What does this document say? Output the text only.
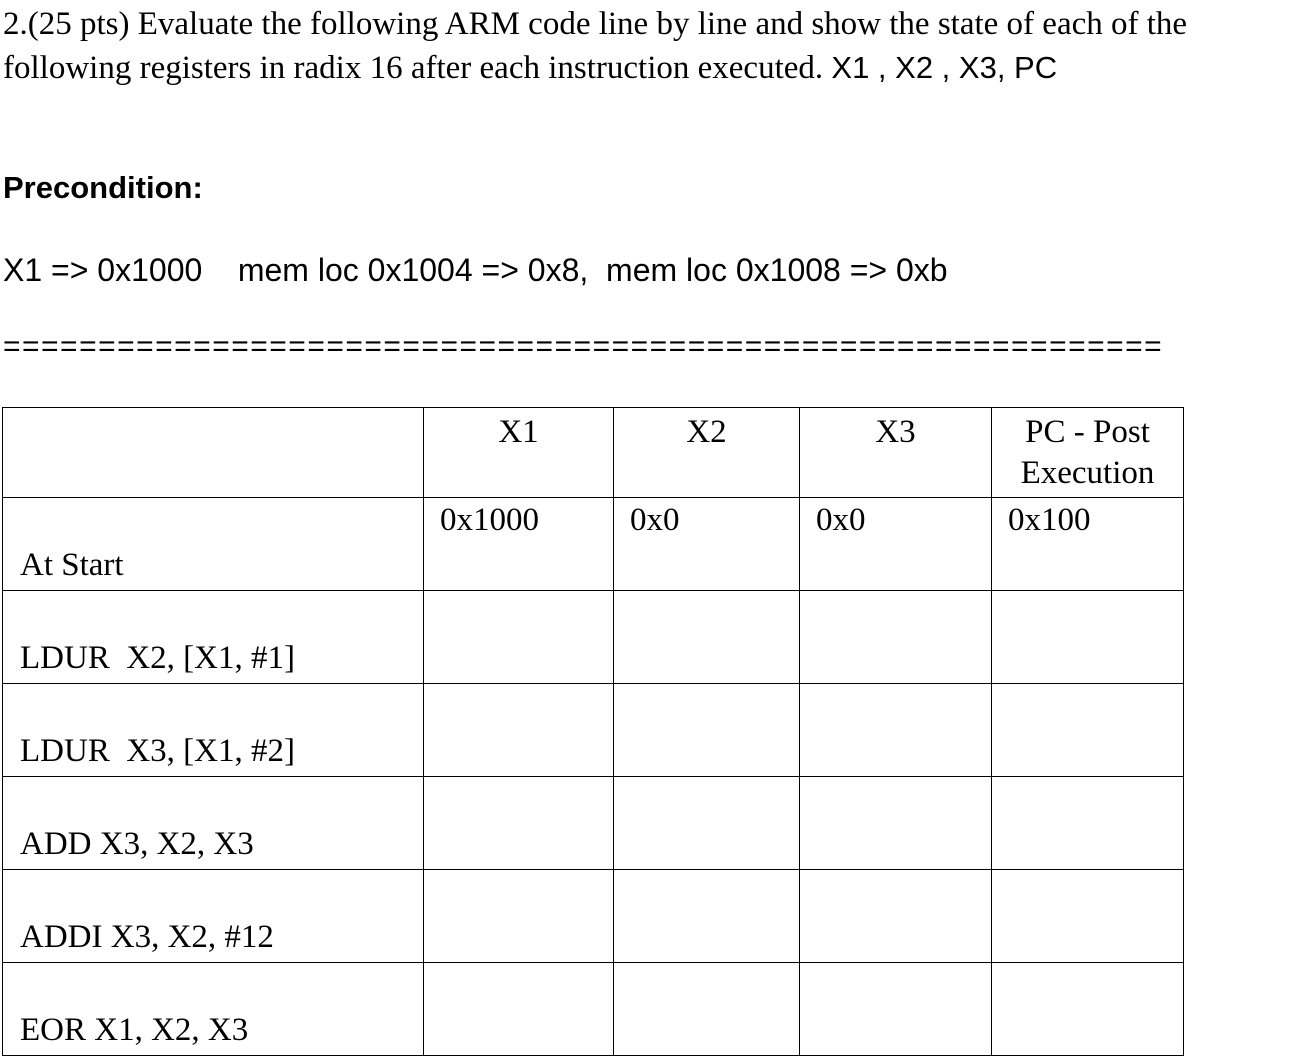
2.(25 pts) Evaluate the following ARM code line by line and show the state of each of the following registers in radix 16 after each instruction executed. X1 , X2 , X3, PC
Precondition:
X1 => 0x1000    mem loc 0x1004 => 0x8,  mem loc 0x1008 => 0xb
=============================================================
	X1	X2	X3	PC - Post Execution
At Start	0x1000	0x0	0x0	0x100
LDUR  X2, [X1, #1]				
LDUR  X3, [X1, #2]				
ADD X3, X2, X3				
ADDI X3, X2, #12				
EOR X1, X2, X3				
